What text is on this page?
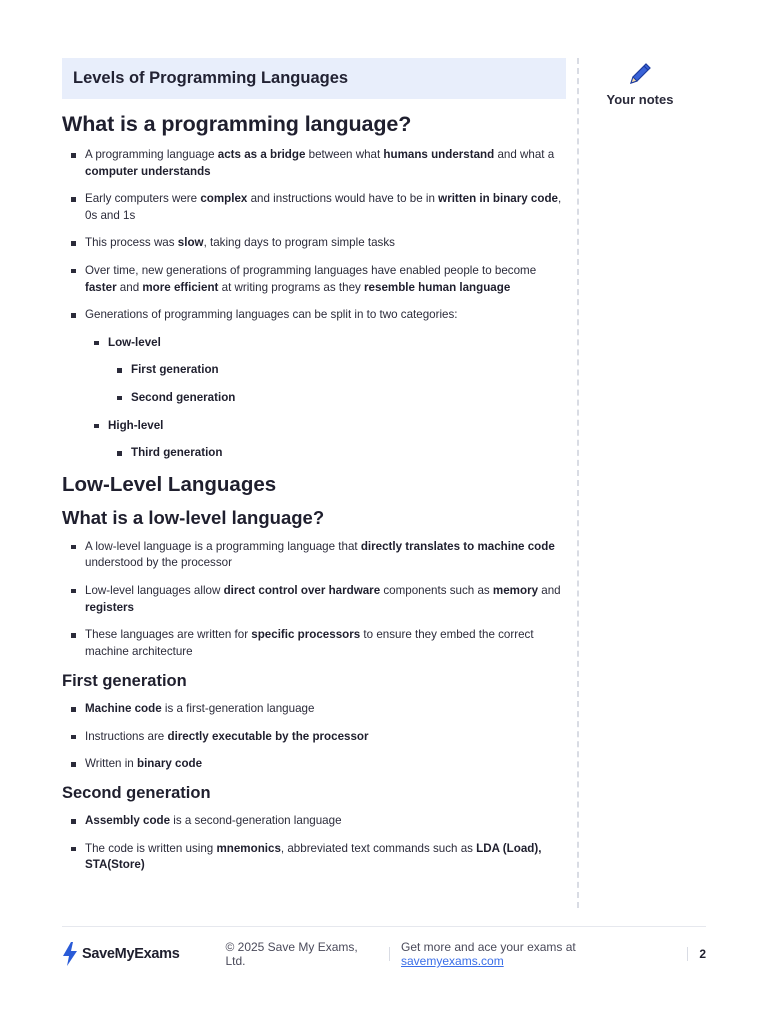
Levels of Programming Languages
What is a programming language?
A programming language acts as a bridge between what humans understand and what a computer understands
Early computers were complex and instructions would have to be in written in binary code, 0s and 1s
This process was slow, taking days to program simple tasks
Over time, new generations of programming languages have enabled people to become faster and more efficient at writing programs as they resemble human language
Generations of programming languages can be split in to two categories:
Low-level
First generation
Second generation
High-level
Third generation
Low-Level Languages
What is a low-level language?
A low-level language is a programming language that directly translates to machine code understood by the processor
Low-level languages allow direct control over hardware components such as memory and registers
These languages are written for specific processors to ensure they embed the correct machine architecture
First generation
Machine code is a first-generation language
Instructions are directly executable by the processor
Written in binary code
Second generation
Assembly code is a second-generation language
The code is written using mnemonics, abbreviated text commands such as LDA (Load), STA(Store)
Your notes
SaveMyExams	© 2025 Save My Exams, Ltd.
Get more and ace your exams at savemyexams.com	2
